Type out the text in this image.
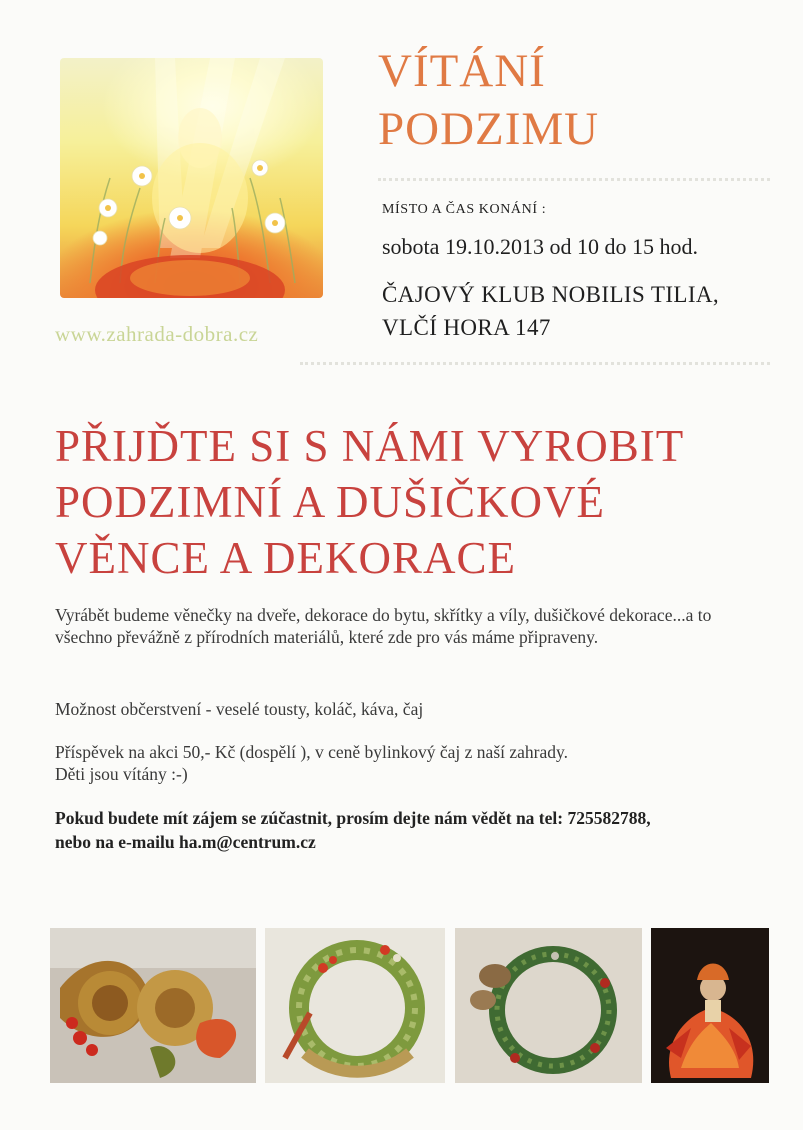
www.zahrada-dobra.cz
VÍTÁNÍ
PODZIMU
MÍSTO A ČAS KONÁNÍ :
sobota 19.10.2013 od 10 do 15 hod.
ČAJOVÝ KLUB NOBILIS TILIA,
VLČÍ HORA 147
PŘIJĎTE SI S NÁMI VYROBIT
PODZIMNÍ A DUŠIČKOVÉ
VĚNCE A DEKORACE

Vyrábět budeme věnečky na dveře, dekorace do bytu, skřítky a víly, dušičkové dekorace...a to všechno převážně z přírodních materiálů, které zde pro vás máme připraveny.

Možnost občerstvení - veselé tousty, koláč, káva, čaj

Příspěvek na akci 50,- Kč (dospělí ), v ceně bylinkový čaj z naší zahrady.
Děti jsou vítány :-)

Pokud budete mít zájem se zúčastnit, prosím dejte nám vědět na tel: 725582788,
nebo na e-mailu ha.m@centrum.cz
